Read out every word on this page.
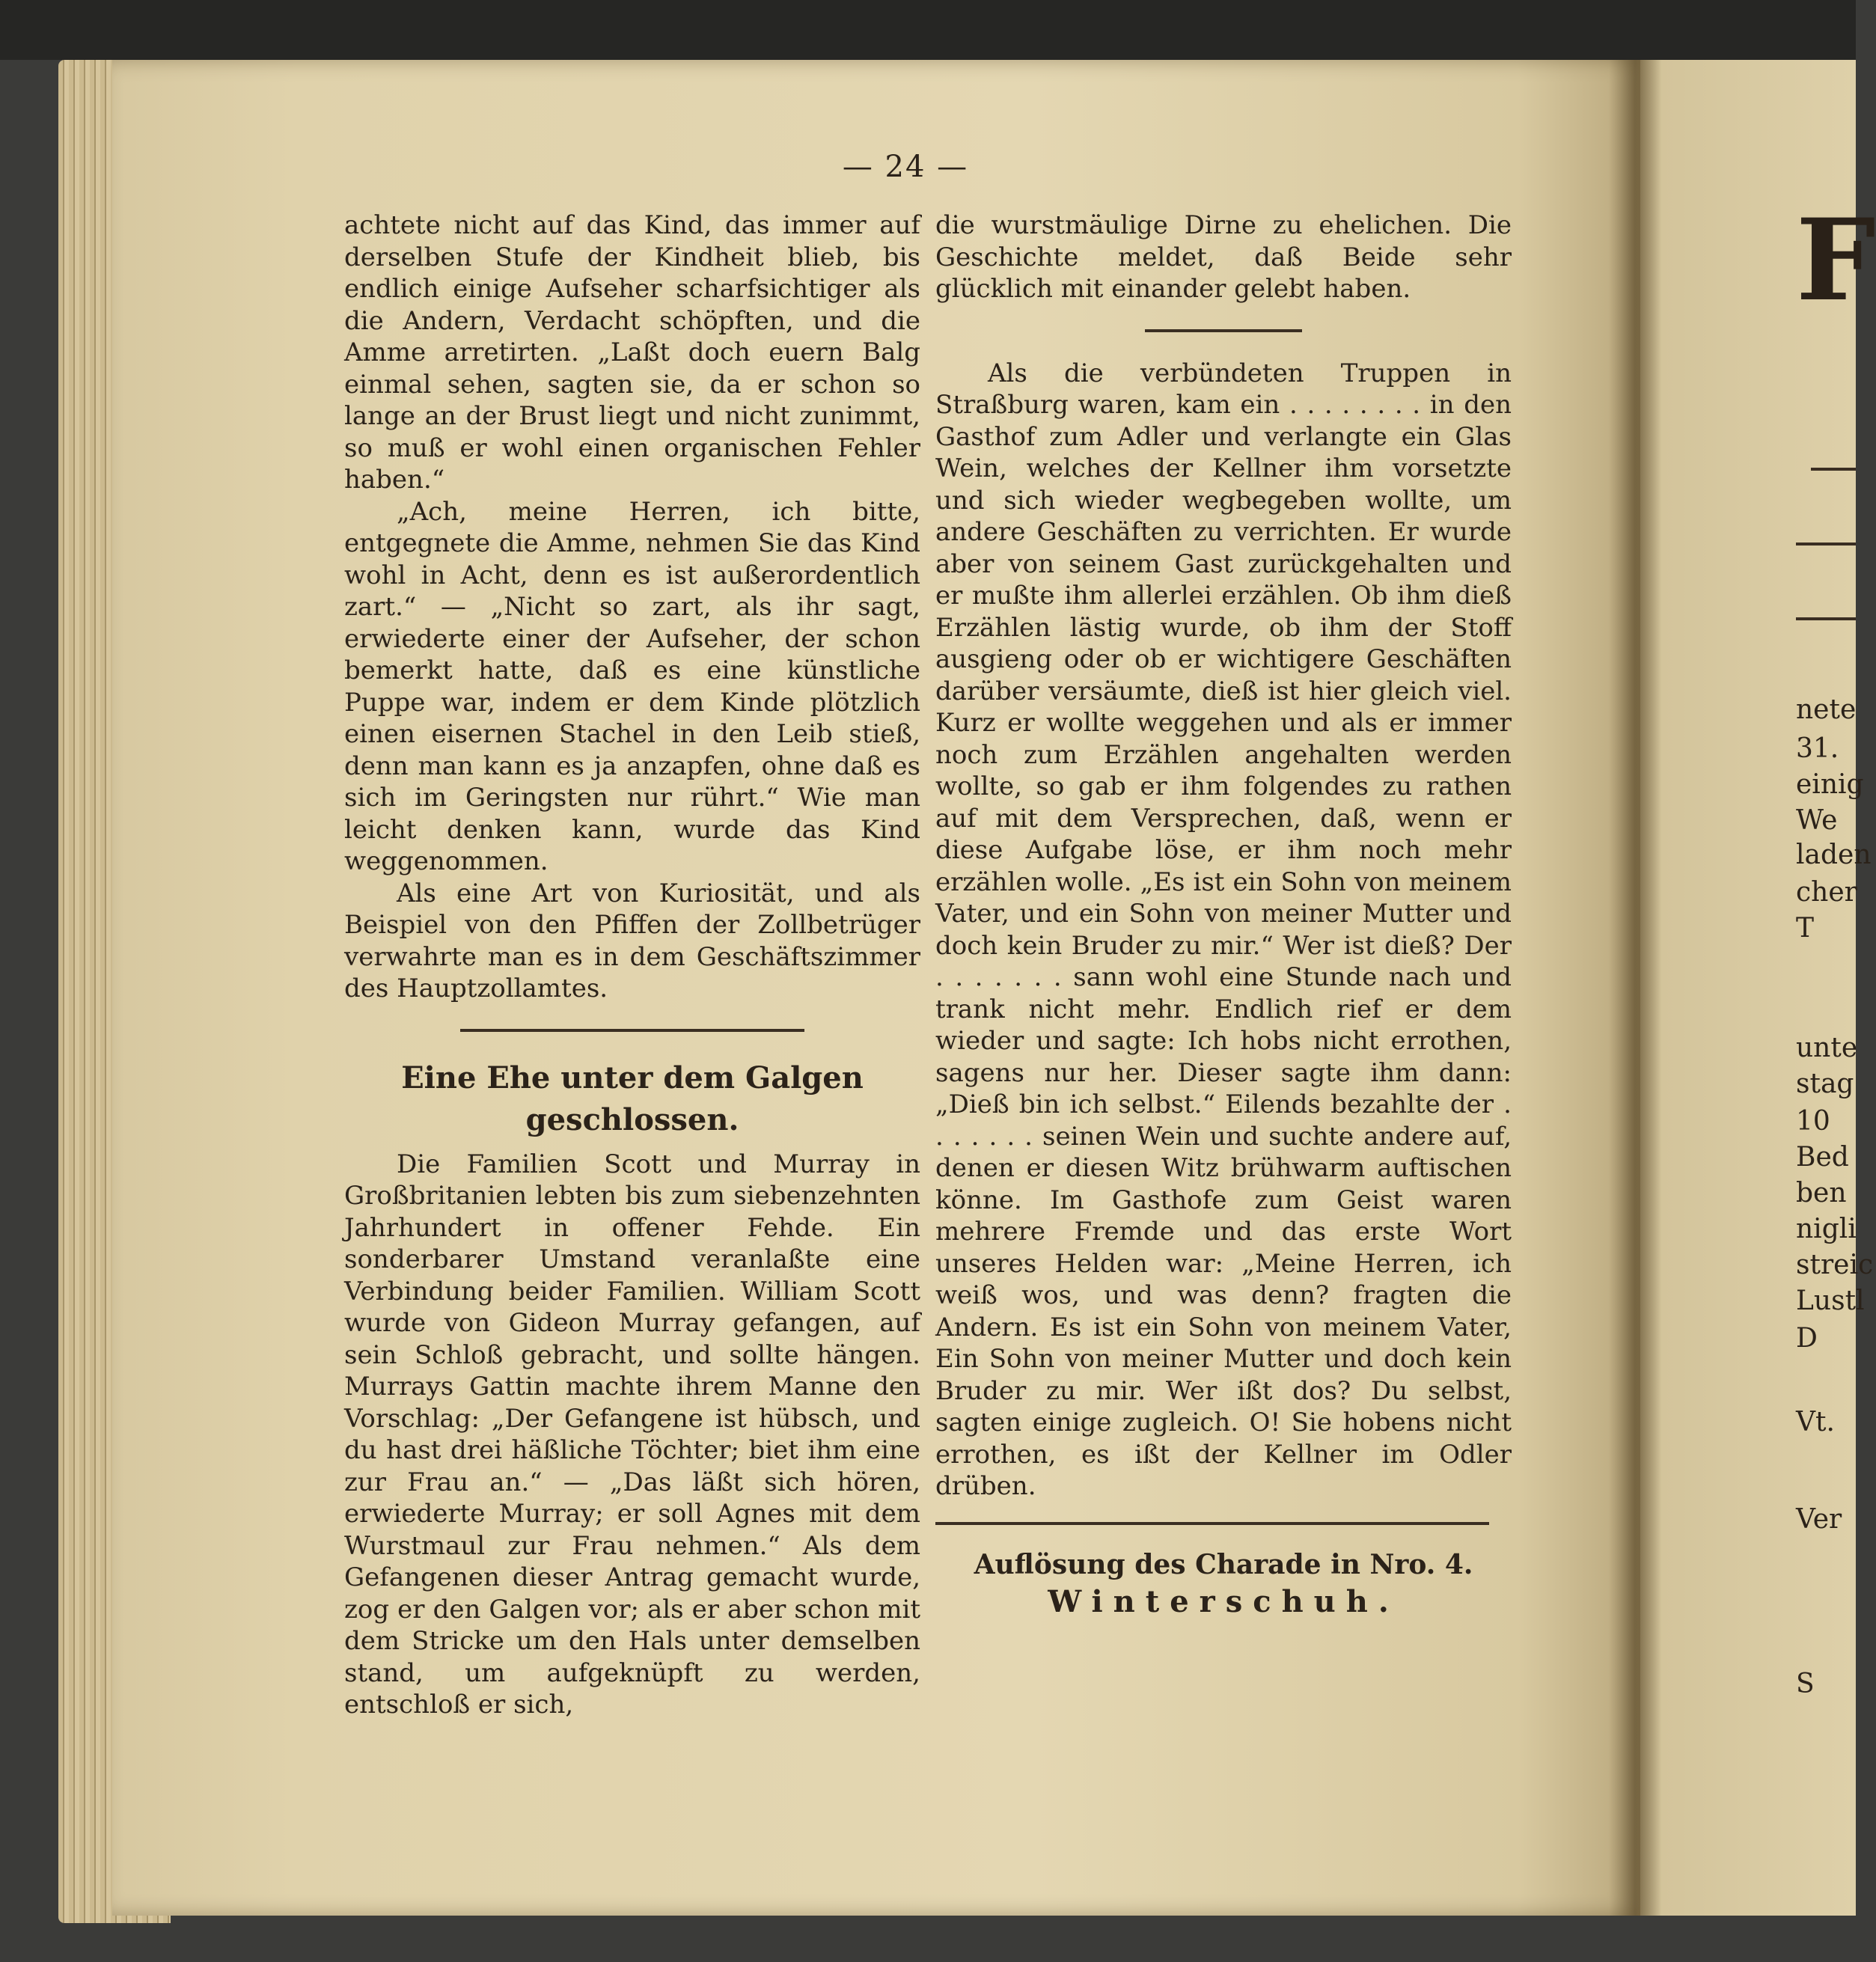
— 24 —

achtete nicht auf das Kind, das immer auf derselben Stufe der Kindheit blieb, bis endlich einige Aufseher scharfsichtiger als die Andern, Verdacht schöpften, und die Amme arretirten. „Laßt doch euern Balg einmal sehen, sagten sie, da er schon so lange an der Brust liegt und nicht zunimmt, so muß er wohl einen organischen Fehler haben.“

„Ach, meine Herren, ich bitte, entgegnete die Amme, nehmen Sie das Kind wohl in Acht, denn es ist außerordentlich zart.“ — „Nicht so zart, als ihr sagt, erwiederte einer der Aufseher, der schon bemerkt hatte, daß es eine künstliche Puppe war, indem er dem Kinde plötzlich einen eisernen Stachel in den Leib stieß, denn man kann es ja anzapfen, ohne daß es sich im Geringsten nur rührt.“ Wie man leicht denken kann, wurde das Kind weggenommen.

Als eine Art von Kuriosität, und als Beispiel von den Pfiffen der Zollbetrüger verwahrte man es in dem Geschäftszimmer des Hauptzollamtes.

Eine Ehe unter dem Galgen geschlossen.

Die Familien Scott und Murray in Großbritanien lebten bis zum siebenzehnten Jahrhundert in offener Fehde. Ein sonderbarer Umstand veranlaßte eine Verbindung beider Familien. William Scott wurde von Gideon Murray gefangen, auf sein Schloß gebracht, und sollte hängen. Murrays Gattin machte ihrem Manne den Vorschlag: „Der Gefangene ist hübsch, und du hast drei häßliche Töchter; biet ihm eine zur Frau an.“ — „Das läßt sich hören, erwiederte Murray; er soll Agnes mit dem Wurstmaul zur Frau nehmen.“ Als dem Gefangenen dieser Antrag gemacht wurde, zog er den Galgen vor; als er aber schon mit dem Stricke um den Hals unter demselben stand, um aufgeknüpft zu werden, entschloß er sich,

die wurstmäulige Dirne zu ehelichen. Die Geschichte meldet, daß Beide sehr glücklich mit einander gelebt haben.

Als die verbündeten Truppen in Straßburg waren, kam ein . . . . . . . . in den Gasthof zum Adler und verlangte ein Glas Wein, welches der Kellner ihm vorsetzte und sich wieder wegbegeben wollte, um andere Geschäften zu verrichten. Er wurde aber von seinem Gast zurückgehalten und er mußte ihm allerlei erzählen. Ob ihm dieß Erzählen lästig wurde, ob ihm der Stoff ausgieng oder ob er wichtigere Geschäften darüber versäumte, dieß ist hier gleich viel. Kurz er wollte weggehen und als er immer noch zum Erzählen angehalten werden wollte, so gab er ihm folgendes zu rathen auf mit dem Versprechen, daß, wenn er diese Aufgabe löse, er ihm noch mehr erzählen wolle. „Es ist ein Sohn von meinem Vater, und ein Sohn von meiner Mutter und doch kein Bruder zu mir.“ Wer ist dieß? Der . . . . . . . sann wohl eine Stunde nach und trank nicht mehr. Endlich rief er dem wieder und sagte: Ich hobs nicht errothen, sagens nur her. Dieser sagte ihm dann: „Dieß bin ich selbst.“ Eilends bezahlte der . . . . . . . seinen Wein und suchte andere auf, denen er diesen Witz brühwarm auftischen könne. Im Gasthofe zum Geist waren mehrere Fremde und das erste Wort unseres Helden war: „Meine Herren, ich weiß wos, und was denn? fragten die Andern. Es ist ein Sohn von meinem Vater, Ein Sohn von meiner Mutter und doch kein Bruder zu mir. Wer ißt dos? Du selbst, sagten einige zugleich. O! Sie hobens nicht errothen, es ißt der Kellner im Odler drüben.

Auflösung des Charade in Nro. 4.
Winterschuh.
F
nete
31.
einig
We
laden
cher
T
unte
stag
10
Bed
ben
nigli
streic
Lustl
D
Vt.
Ver
S
